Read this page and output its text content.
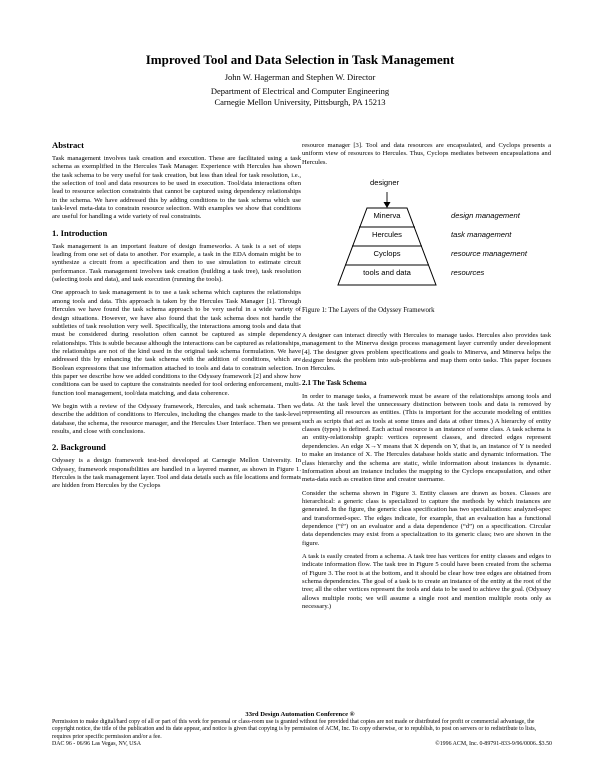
Improved Tool and Data Selection in Task Management
John W. Hagerman and Stephen W. Director
Department of Electrical and Computer Engineering
Carnegie Mellon University, Pittsburgh, PA 15213
Abstract

Task management involves task creation and execution. These are facilitated using a task schema as exemplified in the Hercules Task Manager. Experience with Hercules has shown the task schema to be very useful for task creation, but less than ideal for task resolution, i.e., the selection of tool and data resources to be used in execution. Tool/data interactions often lead to resource selection constraints that cannot be captured using dependency relationships in the schema. We have addressed this by adding conditions to the task schema which use task-level meta-data to constrain resource selection. With examples we show that conditions are useful for handling a wide variety of real constraints.

1. Introduction

Task management is an important feature of design frameworks. A task is a set of steps leading from one set of data to another. For example, a task in the EDA domain might be to synthesize a circuit from a specification and then to use simulation to estimate circuit performance. Task management involves task creation (building a task tree), task resolution (selecting tools and data), and task execution (running the tools).

One approach to task management is to use a task schema which captures the relationships among tools and data. This approach is taken by the Hercules Task Manager [1]. Through Hercules we have found the task schema approach to be very useful in a wide variety of design situations. However, we have also found that the task schema does not handle the subtleties of task resolution very well. Specifically, the interactions among tools and data that must be considered during resolution often cannot be captured as simple dependency relationships. This is subtle because although the interactions can be captured as relationships, the relationships are not of the kind used in the original task schema formulation. We have addressed this by enhancing the task schema with the addition of conditions, which are Boolean expressions that use information attached to tools and data to constrain selection. In this paper we describe how we added conditions to the Odyssey framework [2] and show how conditions can be used to capture the constraints needed for tool ordering enforcement, multi-function tool management, tool/data matching, and data coherence.

We begin with a review of the Odyssey framework, Hercules, and task schemata. Then we describe the addition of conditions to Hercules, including the changes made to the task-level database, the schema, the resource manager, and the Hercules User Interface. Then we present results, and close with conclusions.

2. Background

Odyssey is a design framework test-bed developed at Carnegie Mellon University. In Odyssey, framework responsibilities are handled in a layered manner, as shown in Figure 1. Hercules is the task management layer. Tool and data details such as file locations and formats are hidden from Hercules by the Cyclops

resource manager [3]. Tool and data resources are encapsulated, and Cyclops presents a uniform view of resources to Hercules. Thus, Cyclops mediates between encapsulations and Hercules.

designer
Minerva
Hercules
Cyclops
tools and data
design management
task management
resource management
resources
Figure 1: The Layers of the Odyssey Framework

A designer can interact directly with Hercules to manage tasks. Hercules also provides task management to the Minerva design process management layer currently under development [4]. The designer gives problem specifications and goals to Minerva, and Minerva helps the designer break the problem into sub-problems and map them onto tasks. This paper focuses on Hercules.

2.1 The Task Schema

In order to manage tasks, a framework must be aware of the relationships among tools and data. At the task level the unnecessary distinction between tools and data is removed by representing all resources as entities. (This is important for the accurate modeling of entities such as scripts that act as tools at some times and data at other times.) A hierarchy of entity classes (types) is defined. Each actual resource is an instance of some class. A task schema is an entity-relationship graph: vertices represent classes, and directed edges represent dependencies. An edge X→Y means that X depends on Y, that is, an instance of Y is needed to make an instance of X. The Hercules database holds static and dynamic information. The class hierarchy and the schema are static, while information about instances is dynamic. Information about an instance includes the mapping to the Cyclops encapsulation, and other meta-data such as creation time and creator username.

Consider the schema shown in Figure 3. Entity classes are drawn as boxes. Classes are hierarchical: a generic class is specialized to capture the methods by which instances are generated. In the figure, the generic class specification has two specializations: analyzed-spec and transformed-spec. The edges indicate, for example, that an evaluation has a functional dependence (“f”) on an evaluator and a data dependence (“d”) on a specification. Circular data dependencies may exist from a specialization to its generic class; two are shown in the figure.

A task is easily created from a schema. A task tree has vertices for entity classes and edges to indicate information flow. The task tree in Figure 5 could have been created from the schema of Figure 3. The root is at the bottom, and it should be clear how tree edges are obtained from schema dependencies. The goal of a task is to create an instance of the entity at the root of the tree; all the other vertices represent the tools and data to be used to achieve the goal. (Odyssey allows multiple roots; we will assume a single root and mention multiple roots only as necessary.)

33rd Design Automation Conference ®
Permission to make digital/hard copy of all or part of this work for personal or class-room use is granted without fee provided that copies are not made or distributed for profit or commercial advantage, the copyright notice, the title of the publication and its date appear, and notice is given that copying is by permission of ACM, Inc. To copy otherwise, or to republish, to post on servers or to redistribute to lists, requires prior specific permission and/or a fee.
DAC 96 - 06/96 Las Vegas, NV, USA	©1996 ACM, Inc. 0-89791-833-9/96/0006..$3.50
